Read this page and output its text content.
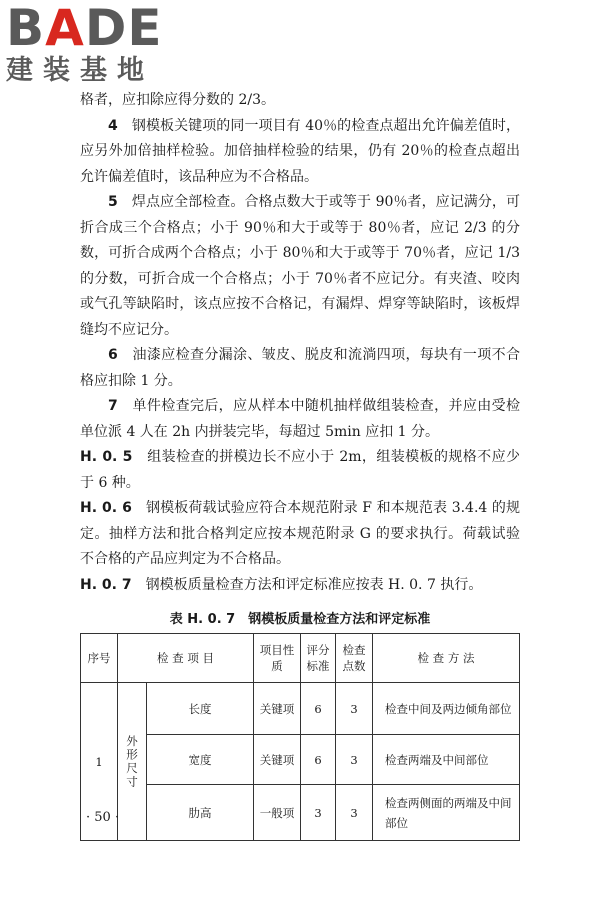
BADE
建装基地

格者，应扣除应得分数的 2/3。

4　 钢模板关键项的同一项目有 40％的检查点超出允许偏差值时，应另外加倍抽样检验。加倍抽样检验的结果，仍有 20％的检查点超出允许偏差值时，该品种应为不合格品。

5　 焊点应全部检查。合格点数大于或等于 90％者，应记满分，可折合成三个合格点；小于 90％和大于或等于 80％者，应记 2/3 的分数，可折合成两个合格点；小于 80％和大于或等于 70％者，应记 1/3 的分数，可折合成一个合格点；小于 70％者不应记分。有夹渣、咬肉或气孔等缺陷时，该点应按不合格记，有漏焊、焊穿等缺陷时，该板焊缝均不应记分。

6　 油漆应检查分漏涂、皱皮、脱皮和流淌四项，每块有一项不合格应扣除 1 分。

7　 单件检查完后，应从样本中随机抽样做组装检查，并应由受检单位派 4 人在 2h 内拼装完毕，每超过 5min 应扣 1 分。

H. 0. 5　 组装检查的拼模边长不应小于 2m，组装模板的规格不应少于 6 种。

H. 0. 6　 钢模板荷载试验应符合本规范附录 F 和本规范表 3.4.4 的规定。抽样方法和批合格判定应按本规范附录 G 的要求执行。荷载试验不合格的产品应判定为不合格品。

H. 0. 7　 钢模板质量检查方法和评定标准应按表 H. 0. 7 执行。

表 H. 0. 7　钢模板质量检查方法和评定标准
序号	检 查 项 目		项目性质	评分标准	检查点数	检 查 方 法
1	外形尺寸	长度	关键项	6	3	检查中间及两边倾角部位
		宽度	关键项	6	3	检查两端及中间部位
		肋高	一般项	3	3	检查两侧面的两端及中间部位
· 50 ·
